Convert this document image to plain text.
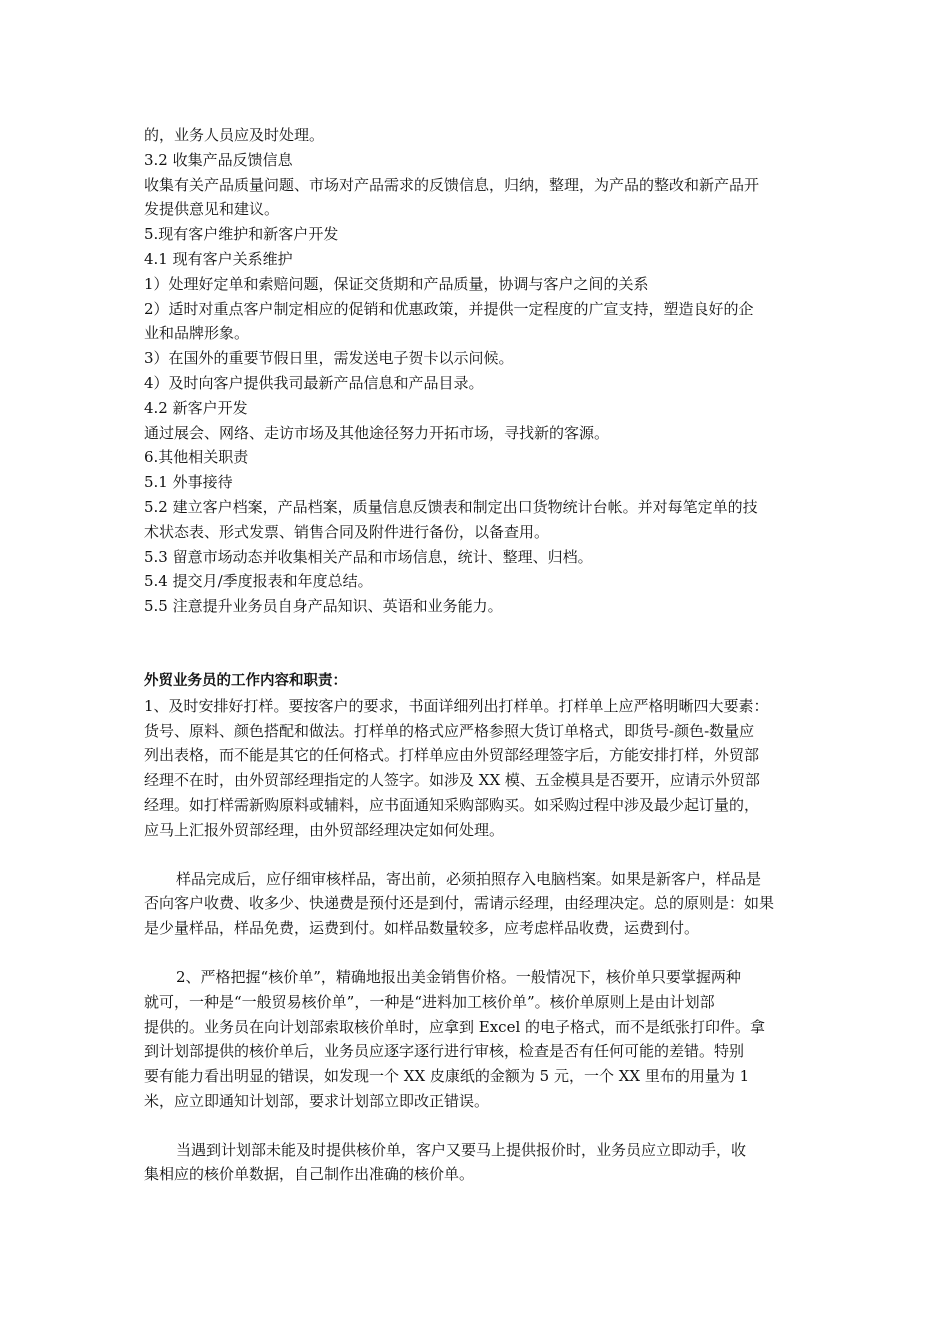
的，业务人员应及时处理。
3.2 收集产品反馈信息
收集有关产品质量问题、市场对产品需求的反馈信息，归纳，整理，为产品的整改和新产品开
发提供意见和建议。
5.现有客户维护和新客户开发
4.1 现有客户关系维护
1）处理好定单和索赔问题，保证交货期和产品质量，协调与客户之间的关系
2）适时对重点客户制定相应的促销和优惠政策，并提供一定程度的广宣支持，塑造良好的企
业和品牌形象。
3）在国外的重要节假日里，需发送电子贺卡以示问候。
4）及时向客户提供我司最新产品信息和产品目录。
4.2 新客户开发
通过展会、网络、走访市场及其他途径努力开拓市场，寻找新的客源。
6.其他相关职责
5.1 外事接待
5.2 建立客户档案，产品档案，质量信息反馈表和制定出口货物统计台帐。并对每笔定单的技
术状态表、形式发票、销售合同及附件进行备份，以备查用。
5.3 留意市场动态并收集相关产品和市场信息，统计、整理、归档。
5.4 提交月/季度报表和年度总结。
5.5 注意提升业务员自身产品知识、英语和业务能力。
外贸业务员的工作内容和职责：
1、及时安排好打样。要按客户的要求，书面详细列出打样单。打样单上应严格明晰四大要素：
货号、原料、颜色搭配和做法。打样单的格式应严格参照大货订单格式，即货号-颜色-数量应
列出表格，而不能是其它的任何格式。打样单应由外贸部经理签字后，方能安排打样，外贸部
经理不在时，由外贸部经理指定的人签字。如涉及 XX 模、五金模具是否要开，应请示外贸部
经理。如打样需新购原料或辅料，应书面通知采购部购买。如采购过程中涉及最少起订量的，
应马上汇报外贸部经理，由外贸部经理决定如何处理。
样品完成后，应仔细审核样品，寄出前，必须拍照存入电脑档案。如果是新客户，样品是
否向客户收费、收多少、快递费是预付还是到付，需请示经理，由经理决定。总的原则是：如果
是少量样品，样品免费，运费到付。如样品数量较多，应考虑样品收费，运费到付。
2、严格把握“核价单”，精确地报出美金销售价格。一般情况下，核价单只要掌握两种
就可，一种是“一般贸易核价单”，一种是“进料加工核价单”。核价单原则上是由计划部
提供的。业务员在向计划部索取核价单时，应拿到 Excel 的电子格式，而不是纸张打印件。拿
到计划部提供的核价单后，业务员应逐字逐行进行审核，检查是否有任何可能的差错。特别
要有能力看出明显的错误，如发现一个 XX 皮康纸的金额为 5 元，一个 XX 里布的用量为 1
米，应立即通知计划部，要求计划部立即改正错误。
当遇到计划部未能及时提供核价单，客户又要马上提供报价时，业务员应立即动手，收
集相应的核价单数据，自己制作出准确的核价单。
